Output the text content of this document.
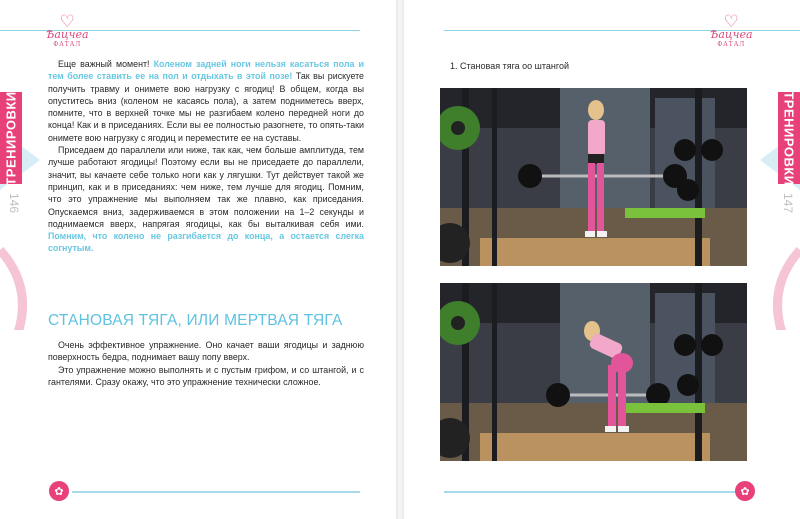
♡
Ѣацчеа
ФАТАЛ
ТРЕНИРОВКИ
146

Еще важный момент! Коленом задней ноги нельзя касаться пола и тем более ставить ее на пол и отдыхать в этой позе! Так вы рискуете получить травму и онимете вою нагрузку с ягодиц! В общем, когда вы опуститесь вниз (коленом не касаясь пола), а затем подниметесь вверх, помните, что в верхней точке мы не разгибаем колено передней ноги до конца! Как и в приседаниях. Если вы ее полностью разогнете, то опять-таки онимете вою нагрузку с ягодиц и переместите ее на суставы.

Приседаем до параллели или ниже, так как, чем больше амплитуда, тем лучше работают ягодицы! Поэтому если вы не приседаете до параллели, значит, вы качаете себе только ноги как у лягушки. Тут действует такой же принцип, как и в приседаниях: чем ниже, тем лучше для ягодиц. Помним, что это упражнение мы выполняем так же плавно, как приседания. Опускаемся вниз, задерживаемся в этом положении на 1–2 секунды и поднимаемся вверх, напрягая ягодицы, как бы выталкивая себя ими. Помним, что колено не разгибается до конца, а остается слегка согнутым.

СТАНОВАЯ ТЯГА, ИЛИ МЕРТВАЯ ТЯГА

Очень эффективное упражнение. Оно качает ваши ягодицы и заднюю поверхность бедра, поднимает вашу попу вверх.

Это упражнение можно выполнять и с пустым грифом, и со штангой, и с гантелями. Сразу окажу, что это упражнение технически сложное.

✿
♡
Ѣацчеа
ФАТАЛ
ТРЕНИРОВКИ
147
✿
1. Становая тяга оо штангой
